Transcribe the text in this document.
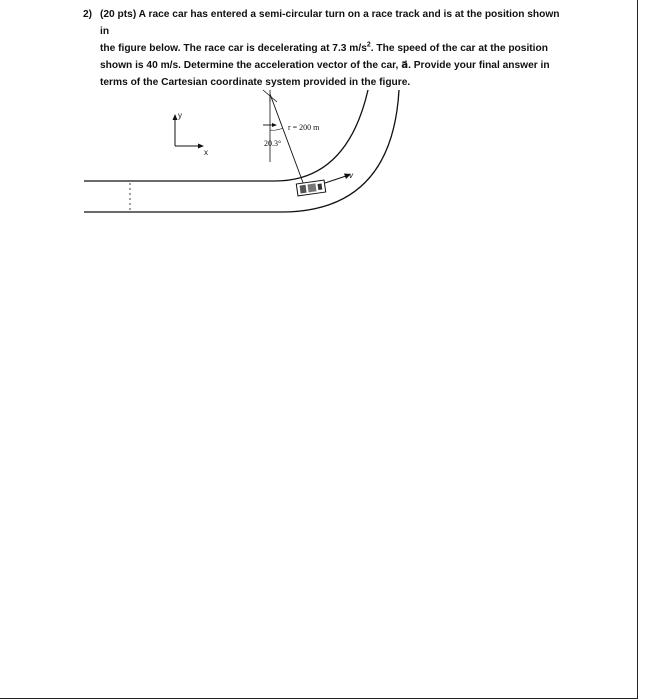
2) (20 pts) A race car has entered a semi-circular turn on a race track and is at the position shown in
the figure below. The race car is decelerating at 7.3 $m/s^2$. The speed of the car at the position
shown is 40 m/s. Determine the acceleration vector of the car, a⃗. Provide your final answer in
terms of the Cartesian coordinate system provided in the figure.
y
x
r = 200 m
20.3°
v
